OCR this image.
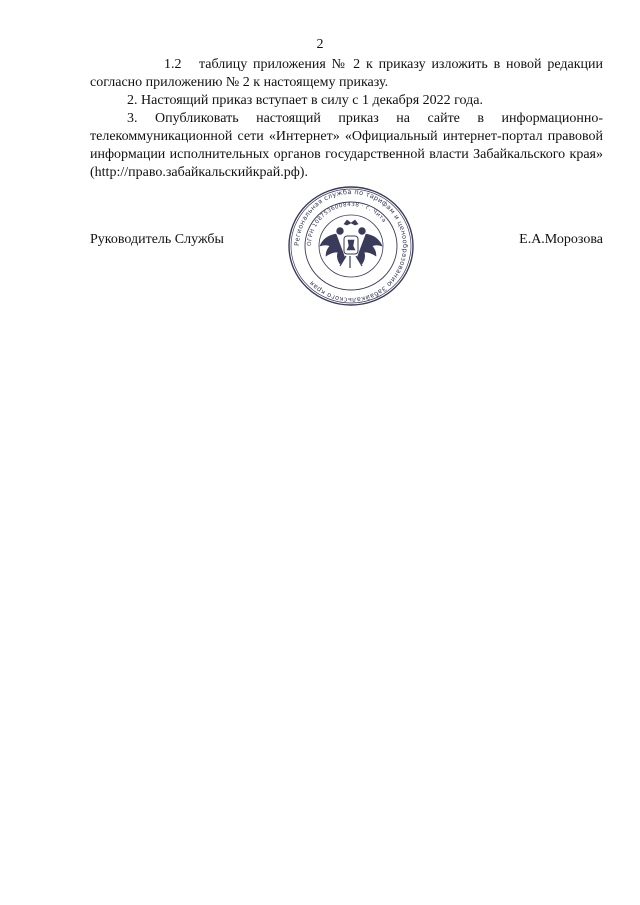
2

1.2 таблицу приложения № 2 к приказу изложить в новой редакции согласно приложению № 2 к настоящему приказу.

2. Настоящий приказ вступает в силу с 1 декабря 2022 года.

3. Опубликовать настоящий приказ на сайте в информационно-телекоммуникационной сети «Интернет» «Официальный интернет-портал правовой информации исполнительных органов государственной власти Забайкальского края» (http://право.забайкальскийкрай.рф).

Руководитель Службы	Е.А.Морозова
Региональная служба по тарифам и ценообразованию Забайкальского края
ОГРН 1087536008438 · г. Чита
